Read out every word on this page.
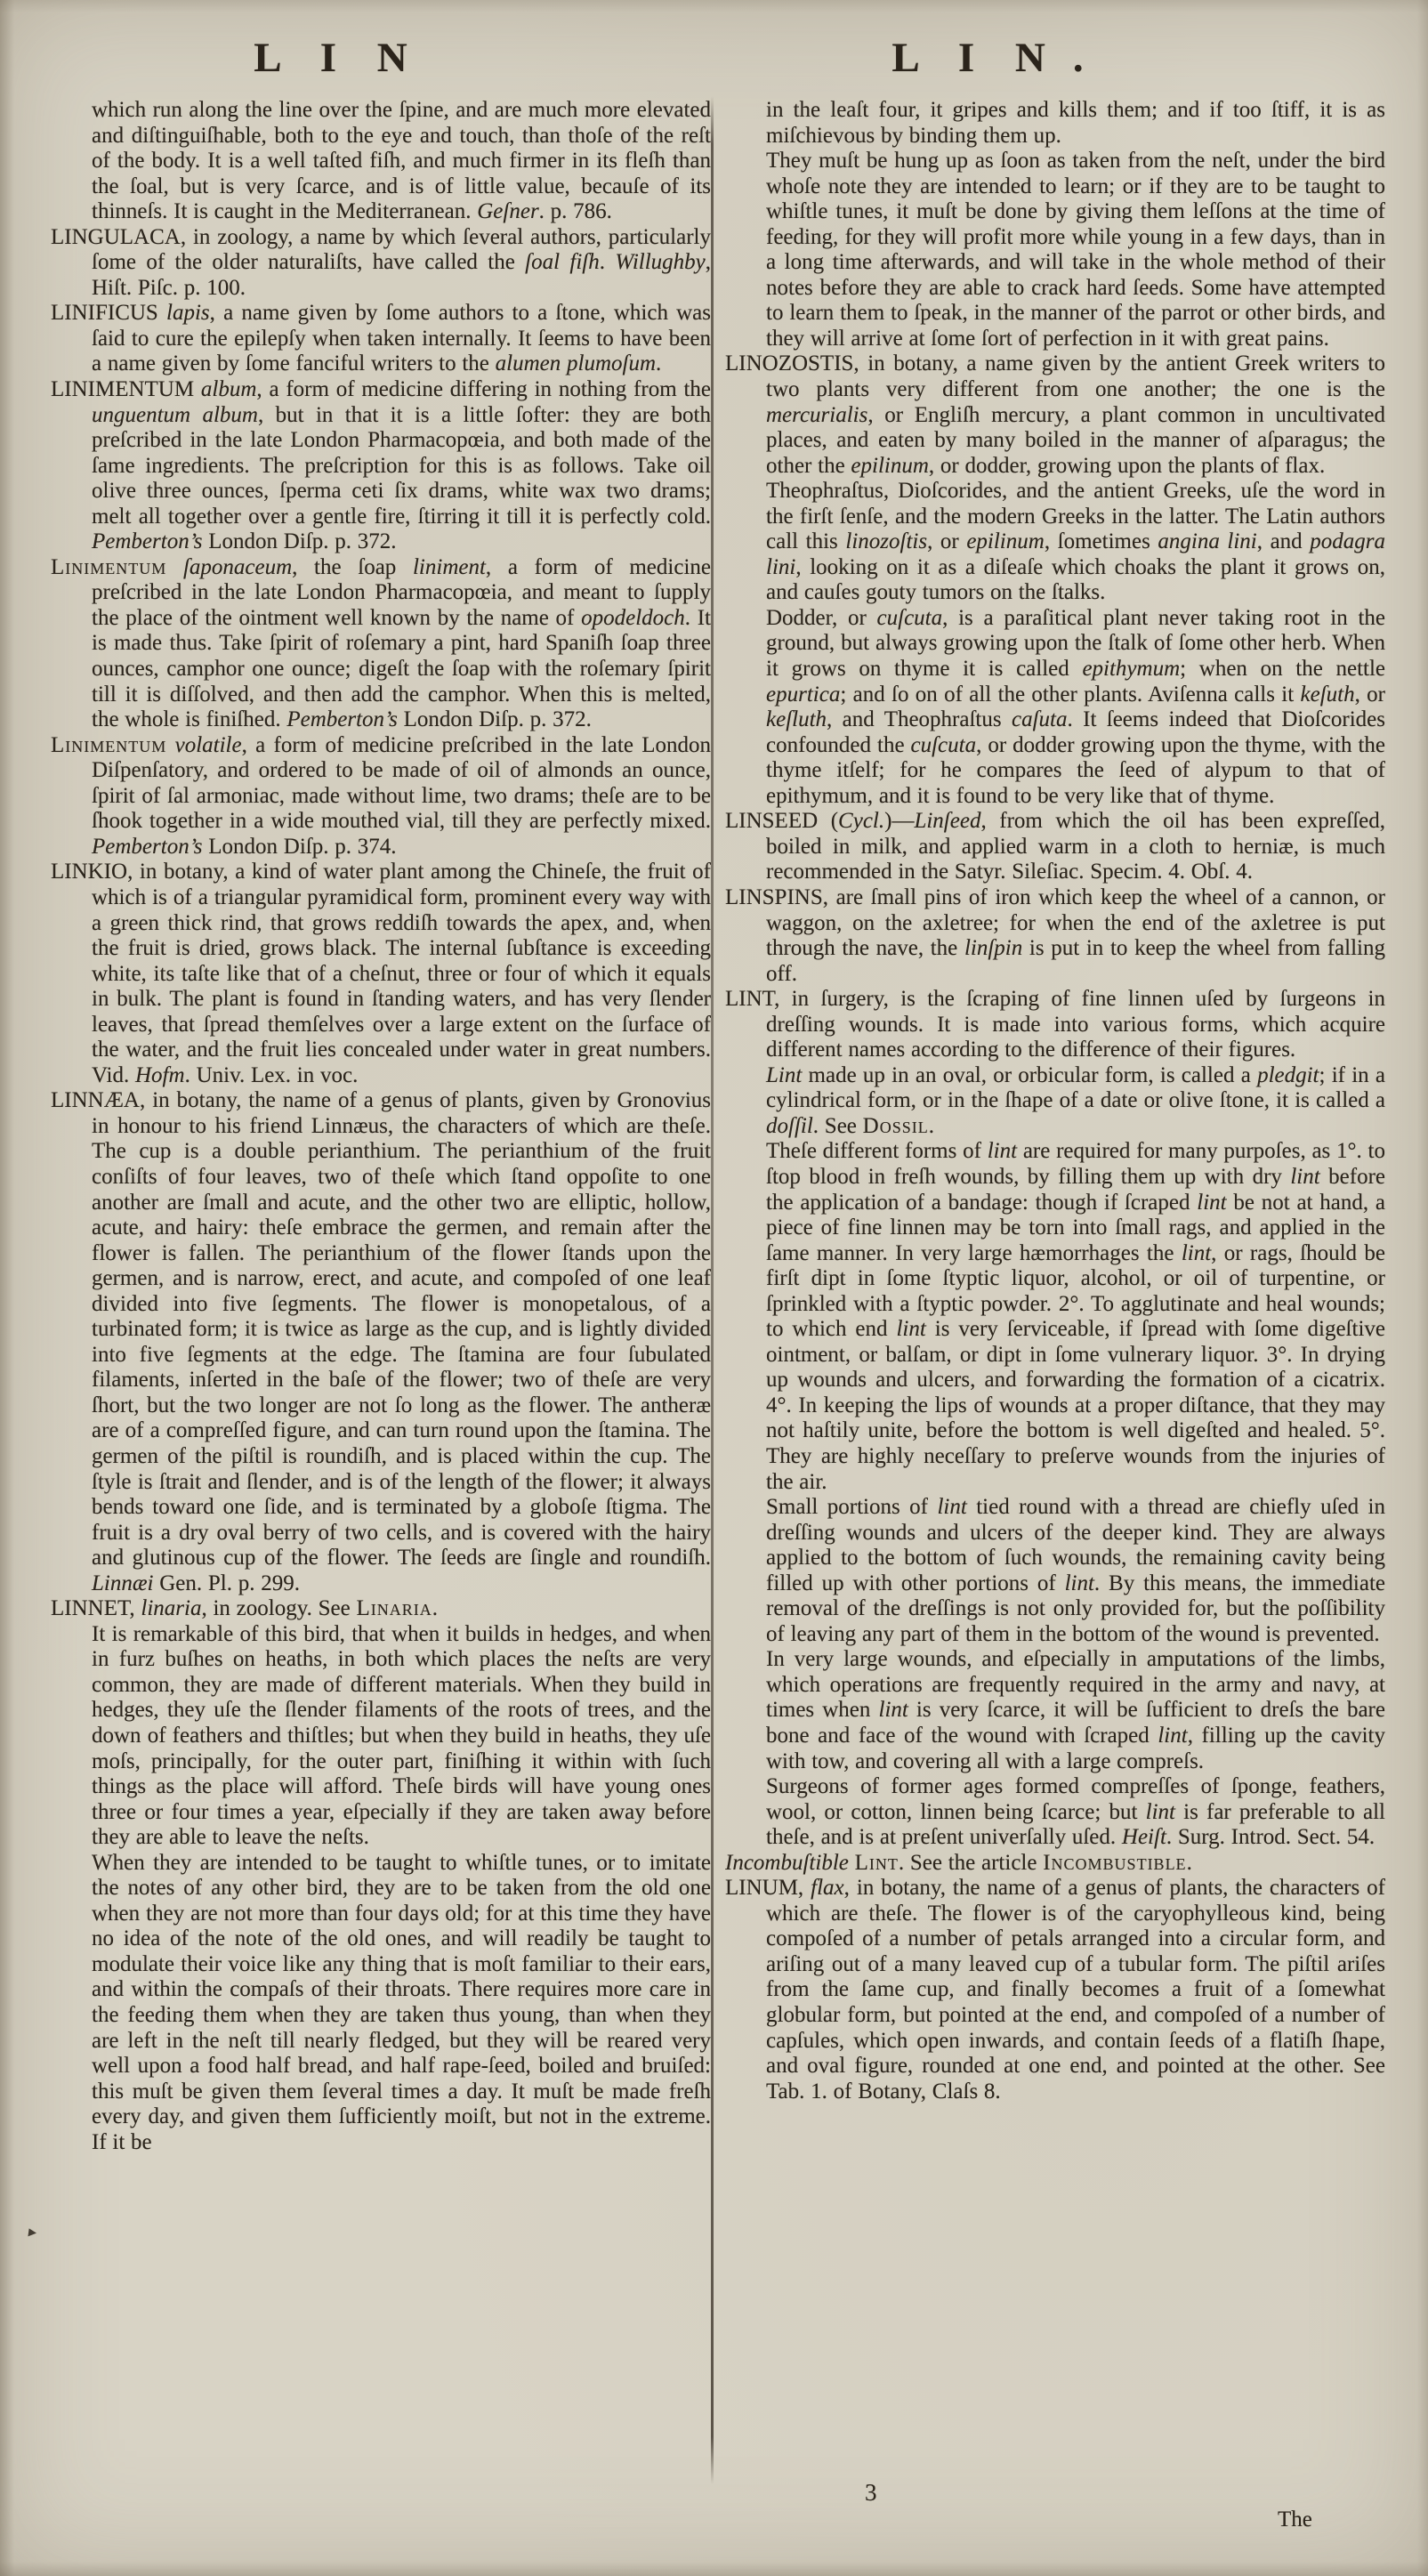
L I N	L I N .

which run along the line over the ſpine, and are much more elevated and diſtinguiſhable, both to the eye and touch, than thoſe of the reſt of the body. It is a well taſted fiſh, and much firmer in its fleſh than the ſoal, but is very ſcarce, and is of little value, becauſe of its thinneſs. It is caught in the Mediterranean. Geſner. p. 786.

LINGULACA, in zoology, a name by which ſeveral authors, particularly ſome of the older naturaliſts, have called the ſoal fiſh. Willughby, Hiſt. Piſc. p. 100.

LINIFICUS lapis, a name given by ſome authors to a ſtone, which was ſaid to cure the epilepſy when taken internally. It ſeems to have been a name given by ſome fanciful writers to the alumen plumoſum.

LINIMENTUM album, a form of medicine differing in nothing from the unguentum album, but in that it is a little ſofter: they are both preſcribed in the late London Pharmacopœia, and both made of the ſame ingredients. The preſcription for this is as follows. Take oil olive three ounces, ſperma ceti ſix drams, white wax two drams; melt all together over a gentle fire, ſtirring it till it is perfectly cold. Pemberton’s London Diſp. p. 372.

Linimentum ſaponaceum, the ſoap liniment, a form of medicine preſcribed in the late London Pharmacopœia, and meant to ſupply the place of the ointment well known by the name of opodeldoch. It is made thus. Take ſpirit of roſemary a pint, hard Spaniſh ſoap three ounces, camphor one ounce; digeſt the ſoap with the roſemary ſpirit till it is diſſolved, and then add the camphor. When this is melted, the whole is finiſhed. Pemberton’s London Diſp. p. 372.

Linimentum volatile, a form of medicine preſcribed in the late London Diſpenſatory, and ordered to be made of oil of almonds an ounce, ſpirit of ſal armoniac, made without lime, two drams; theſe are to be ſhook together in a wide mouthed vial, till they are perfectly mixed. Pemberton’s London Diſp. p. 374.

LINKIO, in botany, a kind of water plant among the Chineſe, the fruit of which is of a triangular pyramidical form, prominent every way with a green thick rind, that grows reddiſh towards the apex, and, when the fruit is dried, grows black. The internal ſubſtance is exceeding white, its taſte like that of a cheſnut, three or four of which it equals in bulk. The plant is found in ſtanding waters, and has very ſlender leaves, that ſpread themſelves over a large extent on the ſurface of the water, and the fruit lies concealed under water in great numbers. Vid. Hofm. Univ. Lex. in voc.

LINNÆA, in botany, the name of a genus of plants, given by Gronovius in honour to his friend Linnæus, the characters of which are theſe. The cup is a double perianthium. The perianthium of the fruit conſiſts of four leaves, two of theſe which ſtand oppoſite to one another are ſmall and acute, and the other two are elliptic, hollow, acute, and hairy: theſe embrace the germen, and remain after the flower is fallen. The perianthium of the flower ſtands upon the germen, and is narrow, erect, and acute, and compoſed of one leaf divided into five ſegments. The flower is monopetalous, of a turbinated form; it is twice as large as the cup, and is lightly divided into five ſegments at the edge. The ſtamina are four ſubulated filaments, inſerted in the baſe of the flower; two of theſe are very ſhort, but the two longer are not ſo long as the flower. The antheræ are of a compreſſed figure, and can turn round upon the ſtamina. The germen of the piſtil is roundiſh, and is placed within the cup. The ſtyle is ſtrait and ſlender, and is of the length of the flower; it always bends toward one ſide, and is terminated by a globoſe ſtigma. The fruit is a dry oval berry of two cells, and is covered with the hairy and glutinous cup of the flower. The ſeeds are ſingle and roundiſh. Linnæi Gen. Pl. p. 299.

LINNET, linaria, in zoology. See Linaria.

It is remarkable of this bird, that when it builds in hedges, and when in furz buſhes on heaths, in both which places the neſts are very common, they are made of different materials. When they build in hedges, they uſe the ſlender filaments of the roots of trees, and the down of feathers and thiſtles; but when they build in heaths, they uſe moſs, principally, for the outer part, finiſhing it within with ſuch things as the place will afford. Theſe birds will have young ones three or four times a year, eſpecially if they are taken away before they are able to leave the neſts.

When they are intended to be taught to whiſtle tunes, or to imitate the notes of any other bird, they are to be taken from the old one when they are not more than four days old; for at this time they have no idea of the note of the old ones, and will readily be taught to modulate their voice like any thing that is moſt familiar to their ears, and within the compaſs of their throats. There requires more care in the feeding them when they are taken thus young, than when they are left in the neſt till nearly fledged, but they will be reared very well upon a food half bread, and half rape-ſeed, boiled and bruiſed: this muſt be given them ſeveral times a day. It muſt be made freſh every day, and given them ſufficiently moiſt, but not in the extreme. If it be

in the leaſt four, it gripes and kills them; and if too ſtiff, it is as miſchievous by binding them up.

They muſt be hung up as ſoon as taken from the neſt, under the bird whoſe note they are intended to learn; or if they are to be taught to whiſtle tunes, it muſt be done by giving them leſſons at the time of feeding, for they will profit more while young in a few days, than in a long time afterwards, and will take in the whole method of their notes before they are able to crack hard ſeeds. Some have attempted to learn them to ſpeak, in the manner of the parrot or other birds, and they will arrive at ſome ſort of perfection in it with great pains.

LINOZOSTIS, in botany, a name given by the antient Greek writers to two plants very different from one another; the one is the mercurialis, or Engliſh mercury, a plant common in uncultivated places, and eaten by many boiled in the manner of aſparagus; the other the epilinum, or dodder, growing upon the plants of flax.

Theophraſtus, Dioſcorides, and the antient Greeks, uſe the word in the firſt ſenſe, and the modern Greeks in the latter. The Latin authors call this linozoſtis, or epilinum, ſometimes angina lini, and podagra lini, looking on it as a diſeaſe which choaks the plant it grows on, and cauſes gouty tumors on the ſtalks.

Dodder, or cuſcuta, is a paraſitical plant never taking root in the ground, but always growing upon the ſtalk of ſome other herb. When it grows on thyme it is called epithymum; when on the nettle epurtica; and ſo on of all the other plants. Aviſenna calls it keſuth, or keſluth, and Theophraſtus caſuta. It ſeems indeed that Dioſcorides confounded the cuſcuta, or dodder growing upon the thyme, with the thyme itſelf; for he compares the ſeed of alypum to that of epithymum, and it is found to be very like that of thyme.

LINSEED (Cycl.)—Linſeed, from which the oil has been expreſſed, boiled in milk, and applied warm in a cloth to herniæ, is much recommended in the Satyr. Sileſiac. Specim. 4. Obſ. 4.

LINSPINS, are ſmall pins of iron which keep the wheel of a cannon, or waggon, on the axletree; for when the end of the axletree is put through the nave, the linſpin is put in to keep the wheel from falling off.

LINT, in ſurgery, is the ſcraping of fine linnen uſed by ſurgeons in dreſſing wounds. It is made into various forms, which acquire different names according to the difference of their figures.

Lint made up in an oval, or orbicular form, is called a pledgit; if in a cylindrical form, or in the ſhape of a date or olive ſtone, it is called a doſſil. See Dossil.

Theſe different forms of lint are required for many purpoſes, as 1°. to ſtop blood in freſh wounds, by filling them up with dry lint before the application of a bandage: though if ſcraped lint be not at hand, a piece of fine linnen may be torn into ſmall rags, and applied in the ſame manner. In very large hæmorrhages the lint, or rags, ſhould be firſt dipt in ſome ſtyptic liquor, alcohol, or oil of turpentine, or ſprinkled with a ſtyptic powder. 2°. To agglutinate and heal wounds; to which end lint is very ſerviceable, if ſpread with ſome digeſtive ointment, or balſam, or dipt in ſome vulnerary liquor. 3°. In drying up wounds and ulcers, and forwarding the formation of a cicatrix. 4°. In keeping the lips of wounds at a proper diſtance, that they may not haſtily unite, before the bottom is well digeſted and healed. 5°. They are highly neceſſary to preſerve wounds from the injuries of the air.

Small portions of lint tied round with a thread are chiefly uſed in dreſſing wounds and ulcers of the deeper kind. They are always applied to the bottom of ſuch wounds, the remaining cavity being filled up with other portions of lint. By this means, the immediate removal of the dreſſings is not only provided for, but the poſſibility of leaving any part of them in the bottom of the wound is prevented.

In very large wounds, and eſpecially in amputations of the limbs, which operations are frequently required in the army and navy, at times when lint is very ſcarce, it will be ſufficient to dreſs the bare bone and face of the wound with ſcraped lint, filling up the cavity with tow, and covering all with a large compreſs.

Surgeons of former ages formed compreſſes of ſponge, feathers, wool, or cotton, linnen being ſcarce; but lint is far preferable to all theſe, and is at preſent univerſally uſed. Heiſt. Surg. Introd. Sect. 54.

Incombuſtible Lint. See the article Incombustible.

LINUM, flax, in botany, the name of a genus of plants, the characters of which are theſe. The flower is of the caryophylleous kind, being compoſed of a number of petals arranged into a circular form, and ariſing out of a many leaved cup of a tubular form. The piſtil ariſes from the ſame cup, and finally becomes a fruit of a ſomewhat globular form, but pointed at the end, and compoſed of a number of capſules, which open inwards, and contain ſeeds of a flatiſh ſhape, and oval figure, rounded at one end, and pointed at the other. See Tab. 1. of Botany, Claſs 8.

3
The
